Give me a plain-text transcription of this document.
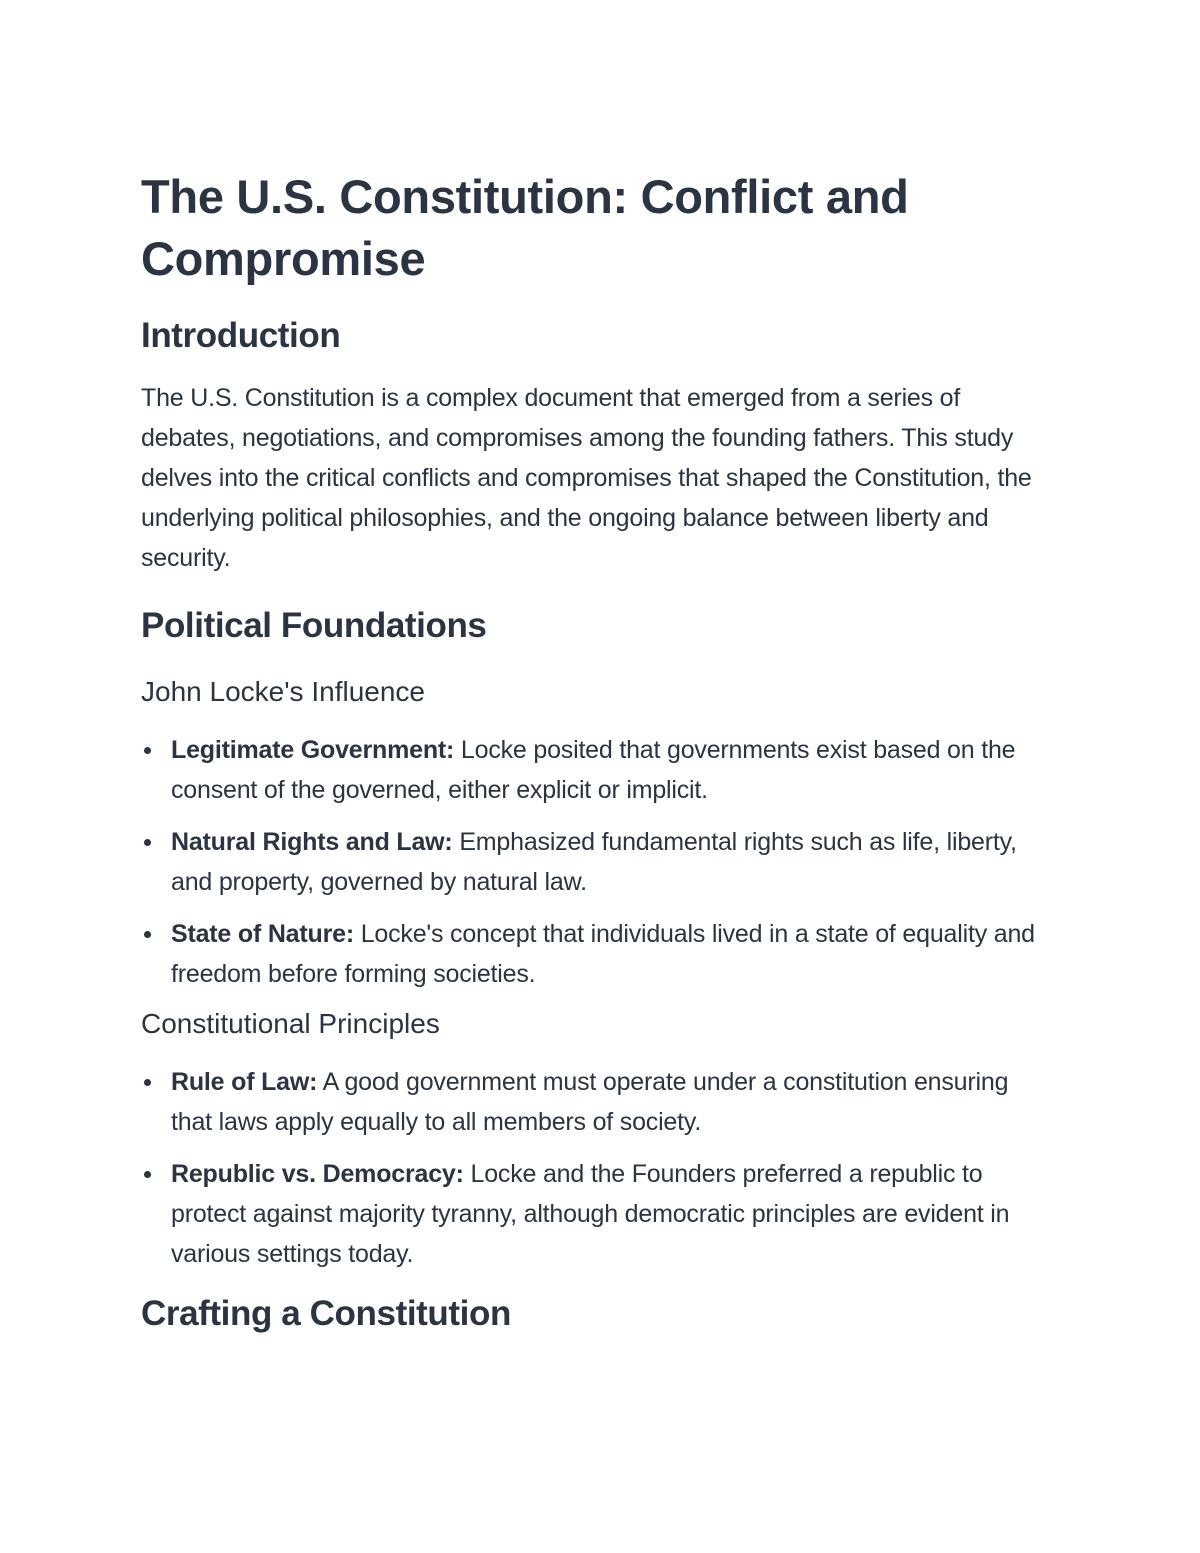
The U.S. Constitution: Conflict and Compromise
Introduction

The U.S. Constitution is a complex document that emerged from a series of debates, negotiations, and compromises among the founding fathers. This study delves into the critical conflicts and compromises that shaped the Constitution, the underlying political philosophies, and the ongoing balance between liberty and security.

Political Foundations
John Locke's Influence
Legitimate Government: Locke posited that governments exist based on the consent of the governed, either explicit or implicit.
Natural Rights and Law: Emphasized fundamental rights such as life, liberty, and property, governed by natural law.
State of Nature: Locke's concept that individuals lived in a state of equality and freedom before forming societies.
Constitutional Principles
Rule of Law: A good government must operate under a constitution ensuring that laws apply equally to all members of society.
Republic vs. Democracy: Locke and the Founders preferred a republic to protect against majority tyranny, although democratic principles are evident in various settings today.
Crafting a Constitution
